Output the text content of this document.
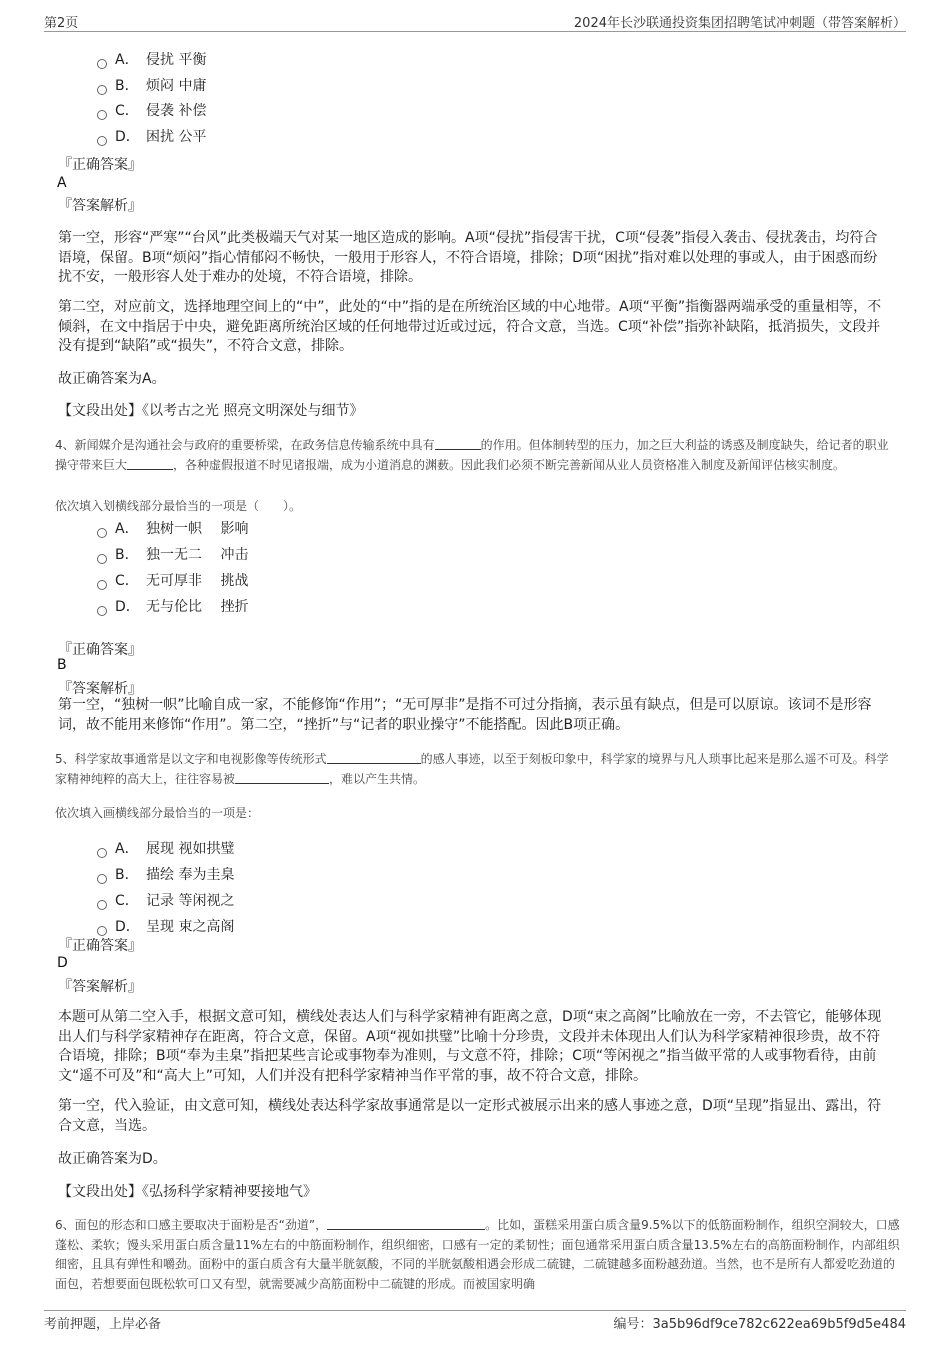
第2页	2024年长沙联通投资集团招聘笔试冲刺题（带答案解析）
A． 侵扰 平衡
B． 烦闷 中庸
C． 侵袭 补偿
D． 困扰 公平
『正确答案』
A
『答案解析』
第一空，形容“严寒”“台风”此类极端天气对某一地区造成的影响。A项“侵扰”指侵害干扰，C项“侵袭”指侵入袭击、侵扰袭击，均符合语境，保留。B项“烦闷”指心情郁闷不畅快，一般用于形容人，不符合语境，排除；D项“困扰”指对难以处理的事或人，由于困惑而纷扰不安，一般形容人处于难办的处境，不符合语境，排除。
第二空，对应前文，选择地理空间上的“中”，此处的“中”指的是在所统治区域的中心地带。A项“平衡”指衡器两端承受的重量相等，不倾斜，在文中指居于中央，避免距离所统治区域的任何地带过近或过远，符合文意，当选。C项“补偿”指弥补缺陷，抵消损失，文段并没有提到“缺陷”或“损失”，不符合文意，排除。
故正确答案为A。
【文段出处】《以考古之光 照亮文明深处与细节》
4、新闻媒介是沟通社会与政府的重要桥梁，在政务信息传输系统中具有	的作用。但体制转型的压力，加之巨大利益的诱惑及制度缺失，给记者的职业操守带来巨大	，各种虚假报道不时见诸报端，成为小道消息的渊薮。因此我们必须不断完善新闻从业人员资格准入制度及新闻评估核实制度。
依次填入划横线部分最恰当的一项是（　　）。
A． 独树一帜　 影响
B． 独一无二　 冲击
C． 无可厚非　 挑战
D． 无与伦比　 挫折
『正确答案』
B
『答案解析』
第一空，“独树一帜”比喻自成一家，不能修饰“作用”；“无可厚非”是指不可过分指摘，表示虽有缺点，但是可以原谅。该词不是形容词，故不能用来修饰“作用”。第二空，“挫折”与“记者的职业操守”不能搭配。因此B项正确。
5、科学家故事通常是以文字和电视影像等传统形式	的感人事迹，以至于刻板印象中，科学家的境界与凡人琐事比起来是那么遥不可及。科学家精神纯粹的高大上，往往容易被	，难以产生共情。
依次填入画横线部分最恰当的一项是：
A． 展现 视如拱璧
B． 描绘 奉为圭臬
C． 记录 等闲视之
D． 呈现 束之高阁
『正确答案』
D
『答案解析』
本题可从第二空入手，根据文意可知，横线处表达人们与科学家精神有距离之意，D项“束之高阁”比喻放在一旁，不去管它，能够体现出人们与科学家精神存在距离，符合文意，保留。A项“视如拱璧”比喻十分珍贵，文段并未体现出人们认为科学家精神很珍贵，故不符合语境，排除；B项“奉为圭臬”指把某些言论或事物奉为准则，与文意不符，排除；C项“等闲视之”指当做平常的人或事物看待，由前文“遥不可及”和“高大上”可知，人们并没有把科学家精神当作平常的事，故不符合文意，排除。
第一空，代入验证，由文意可知，横线处表达科学家故事通常是以一定形式被展示出来的感人事迹之意，D项“呈现”指显出、露出，符合文意，当选。
故正确答案为D。
【文段出处】《弘扬科学家精神要接地气》
6、面包的形态和口感主要取决于面粉是否“劲道”，	。比如，蛋糕采用蛋白质含量9.5%以下的低筋面粉制作，组织空洞较大，口感蓬松、柔软；馒头采用蛋白质含量11%左右的中筋面粉制作，组织细密，口感有一定的柔韧性；面包通常采用蛋白质含量13.5%左右的高筋面粉制作，内部组织细密，且具有弹性和嚼劲。面粉中的蛋白质含有大量半胱氨酸，不同的半胱氨酸相遇会形成二硫键，二硫键越多面粉越劲道。当然，也不是所有人都爱吃劲道的面包，若想要面包既松软可口又有型，就需要减少高筋面粉中二硫键的形成。而被国家明确
考前押题，上岸必备	编号：3a5b96df9ce782c622ea69b5f9d5e484
